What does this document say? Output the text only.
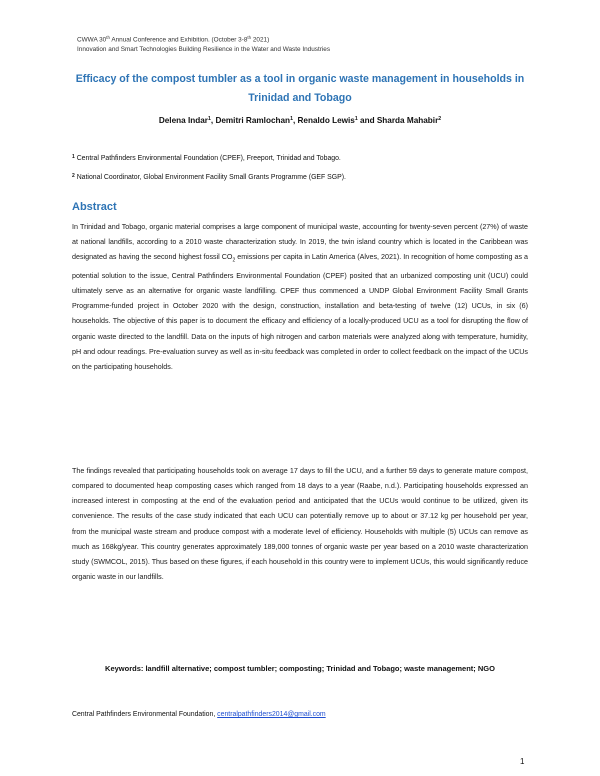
CWWA 30th Annual Conference and Exhibition. (October 3-8th 2021)
Innovation and Smart Technologies Building Resilience in the Water and Waste Industries
Efficacy of the compost tumbler as a tool in organic waste management in households in Trinidad and Tobago
Delena Indar$^1$, Demitri Ramlochan$^1$, Renaldo Lewis$^1$ and Sharda Mahabir$^2$
$^1$ Central Pathfinders Environmental Foundation (CPEF), Freeport, Trinidad and Tobago.
$^2$ National Coordinator, Global Environment Facility Small Grants Programme (GEF SGP).
Abstract

In Trinidad and Tobago, organic material comprises a large component of municipal waste, accounting for twenty-seven percent (27%) of waste at national landfills, according to a 2010 waste characterization study. In 2019, the twin island country which is located in the Caribbean was designated as having the second highest fossil $CO_2$ emissions per capita in Latin America (Alves, 2021). In recognition of home composting as a potential solution to the issue, Central Pathfinders Environmental Foundation (CPEF) posited that an urbanized composting unit (UCU) could ultimately serve as an alternative for organic waste landfilling. CPEF thus commenced a UNDP Global Environment Facility Small Grants Programme-funded project in October 2020 with the design, construction, installation and beta-testing of twelve (12) UCUs, in six (6) households. The objective of this paper is to document the efficacy and efficiency of a locally-produced UCU as a tool for disrupting the flow of organic waste directed to the landfill. Data on the inputs of high nitrogen and carbon materials were analyzed along with temperature, humidity, pH and odour readings. Pre-evaluation survey as well as in-situ feedback was completed in order to collect feedback on the impact of the UCUs on the participating households.

The findings revealed that participating households took on average 17 days to fill the UCU, and a further 59 days to generate mature compost, compared to documented heap composting cases which ranged from 18 days to a year (Raabe, n.d.). Participating households expressed an increased interest in composting at the end of the evaluation period and anticipated that the UCUs would continue to be utilized, given its convenience. The results of the case study indicated that each UCU can potentially remove up to about or 37.12 kg per household per year, from the municipal waste stream and produce compost with a moderate level of efficiency. Households with multiple (5) UCUs can remove as much as 168kg/year. This country generates approximately 189,000 tonnes of organic waste per year based on a 2010 waste characterization study (SWMCOL, 2015). Thus based on these figures, if each household in this country were to implement UCUs, this would significantly reduce organic waste in our landfills.

Keywords: landfill alternative; compost tumbler; composting; Trinidad and Tobago; waste management; NGO
Central Pathfinders Environmental Foundation, centralpathfinders2014@gmail.com
1
